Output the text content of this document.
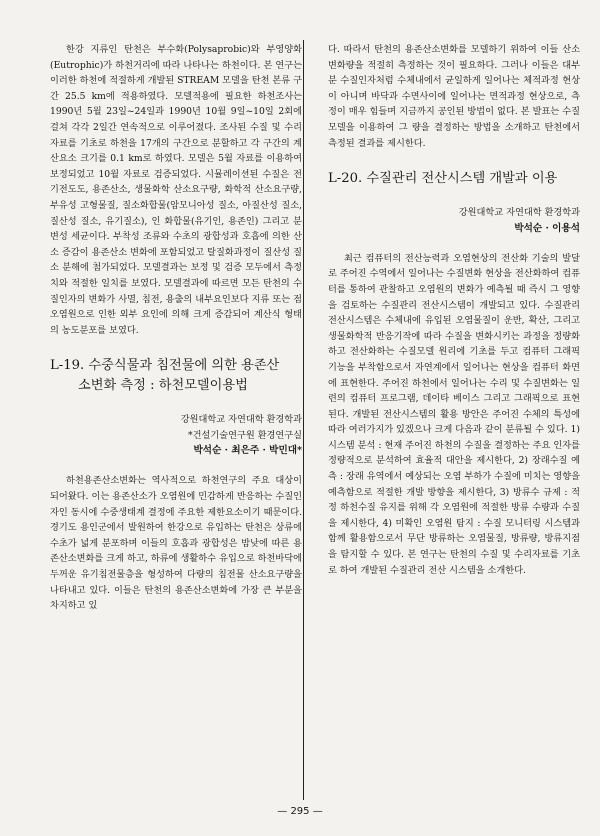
한강 지류인 탄천은 부수화(Polysaprobic)와 부영양화(Eutrophic)가 하천거리에 따라 나타나는 하천이다. 본 연구는 이러한 하천에 적절하게 개발된 STREAM 모델을 탄천 본류 구간 25.5 km에 적용하였다. 모델적용에 필요한 하천조사는 1990년 5월 23일~24일과 1990년 10월 9일~10일 2회에 걸쳐 각각 2일간 연속적으로 이루어졌다. 조사된 수질 및 수리자료를 기초로 하천을 17개의 구간으로 분할하고 각 구간의 계산요소 크기를 0.1 km로 하였다. 모델은 5월 자료를 이용하여 보정되었고 10월 자료로 검증되었다. 시뮬레이션된 수질은 전기전도도, 용존산소, 생물화학 산소요구량, 화학적 산소요구량, 부유성 고형물질, 질소화합물(암모니아성 질소, 아질산성 질소, 질산성 질소, 유기질소), 인 화합물(유기인, 용존인) 그리고 분변성 세균이다. 부착성 조류와 수초의 광합성과 호흡에 의한 산소 증감이 용존산소 변화에 포함되었고 탈질화과정이 질산성 질소 분해에 첨가되었다. 모델결과는 보정 및 검증 모두에서 측정치와 적절한 일치를 보였다. 모델결과에 따르면 모든 탄천의 수질인자의 변화가 사멸, 침전, 용출의 내부요인보다 지류 또는 점오염원으로 인한 외부 요인에 의해 크게 증감되어 계산식 형태의 농도분포를 보였다.

L-19. 수중식물과 침전물에 의한 용존산
소변화 측정 : 하천모델이용법

강원대학교 자연대학 환경학과

*건설기술연구원 환경연구실

박석순 · 최은주 · 박민대*

하천용존산소변화는 역사적으로 하천연구의 주요 대상이 되어왔다. 이는 용존산소가 오염원에 민감하게 반응하는 수질인자인 동시에 수중생태계 결정에 주요한 제한요소이기 때문이다. 경기도 용인군에서 발원하여 한강으로 유입하는 탄천은 상류에 수초가 넓게 분포하며 이들의 호흡과 광합성은 밤낮에 따른 용존산소변화를 크게 하고, 하류에 생활하수 유입으로 하천바닥에 두꺼운 유기침전물층을 형성하여 다량의 침전물 산소요구량을 나타내고 있다. 이들은 탄천의 용존산소변화에 가장 큰 부분을 차지하고 있

다. 따라서 탄천의 용존산소변화를 모델하기 위하여 이들 산소변화량을 적절히 측정하는 것이 필요하다. 그러나 이들은 대부분 수질인자처럼 수체내에서 균일하게 일어나는 체적과정 현상이 아니며 바닥과 수면사이에 일어나는 면적과정 현상으로, 측정이 매우 힘들며 지금까지 공인된 방법이 없다. 본 발표는 수질모델을 이용하여 그 량을 결정하는 방법을 소개하고 탄천에서 측정된 결과를 제시한다.

L-20. 수질관리 전산시스템 개발과 이용

강원대학교 자연대학 환경학과

박석순 · 이용석

최근 컴퓨터의 전산능력과 오염현상의 전산화 기술의 발달로 주어진 수역에서 일어나는 수질변화 현상을 전산화하여 컴퓨터를 통하여 관찰하고 오염원의 변화가 예측될 때 즉시 그 영향을 검토하는 수질관리 전산시스템이 개발되고 있다. 수질관리 전산시스템은 수체내에 유입된 오염물질이 운반, 확산, 그리고 생물화학적 반응기작에 따라 수질을 변화시키는 과정을 정량화하고 전산화하는 수질모델 원리에 기초를 두고 컴퓨터 그래픽 기능을 부착함으로서 자연계에서 일어나는 현상을 컴퓨터 화면에 표현한다. 주어진 하천에서 일어나는 수리 및 수질변화는 일련의 컴퓨터 프로그램, 데이타 베이스 그리고 그래픽으로 표현된다. 개발된 전산시스템의 활용 방안은 주어진 수체의 특성에 따라 여러가지가 있겠으나 크게 다음과 같이 분류될 수 있다. 1) 시스템 분석 : 현재 주어진 하천의 수질을 결정하는 주요 인자를 정량적으로 분석하여 효율적 대안을 제시한다, 2) 장래수질 예측 : 장래 유역에서 예상되는 오염 부하가 수질에 미치는 영향을 예측함으로 적절한 개발 방향을 제시한다, 3) 방류수 규제 : 적정 하천수질 유지를 위해 각 오염원에 적절한 방류 수량과 수질을 제시한다, 4) 미확인 오염원 탐지 : 수질 모니터링 시스템과 함께 활용함으로서 무단 방류하는 오염물질, 방류량, 방류지점을 탐지할 수 있다. 본 연구는 탄천의 수질 및 수리자료를 기초로 하여 개발된 수질관리 전산 시스템을 소개한다.

— 295 —
